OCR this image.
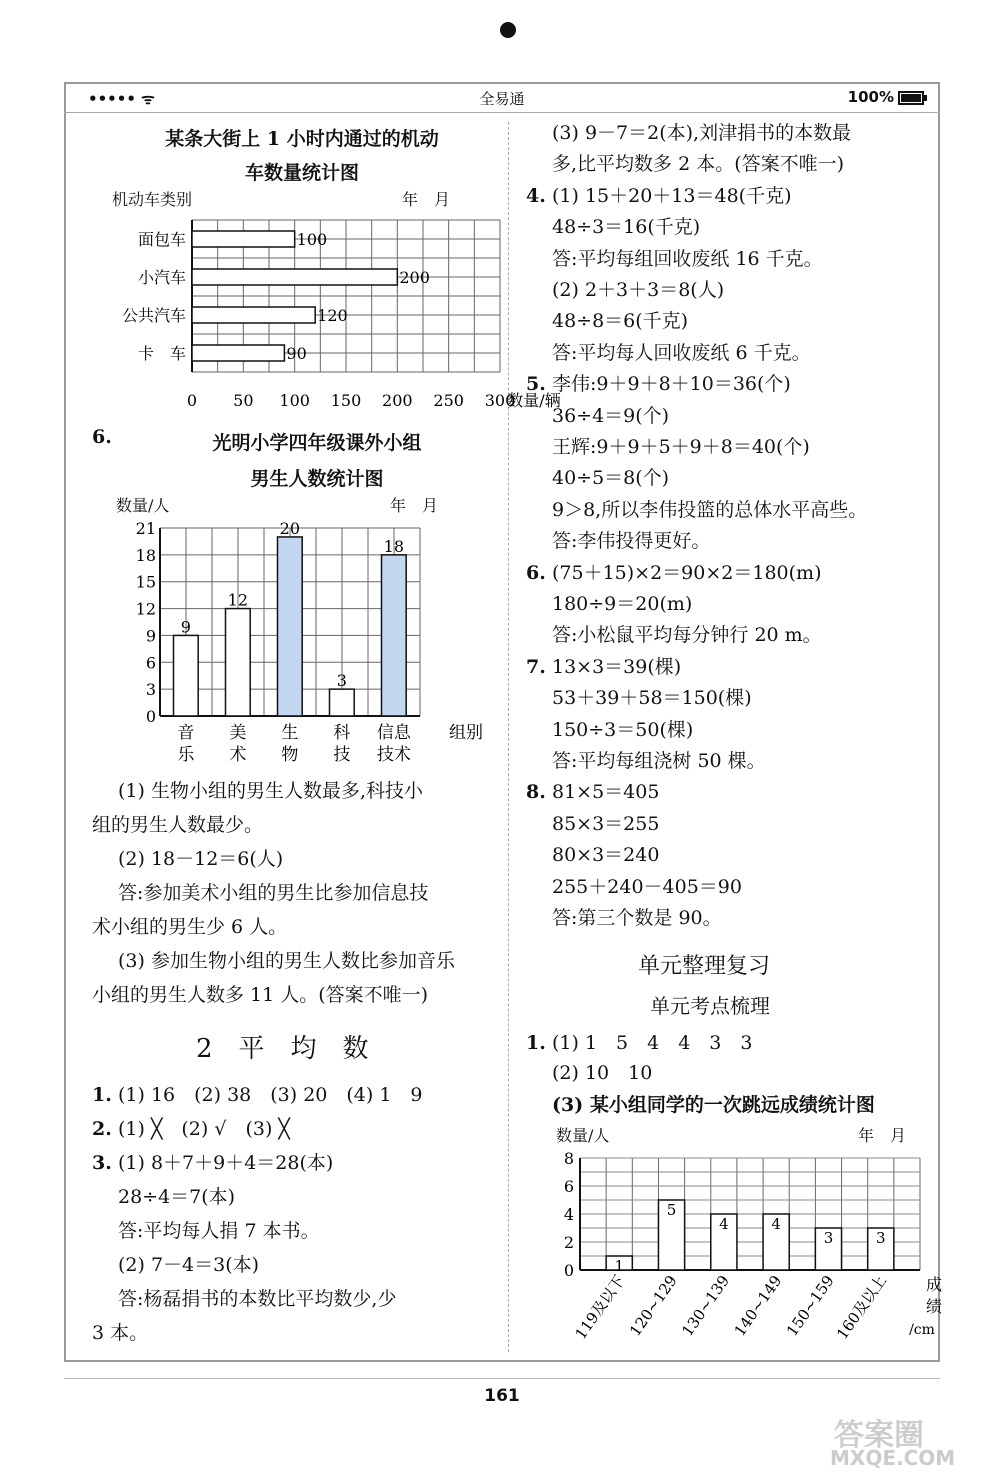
••••• ᯤ	全易通	100%
某条大街上 1 小时内通过的机动
车数量统计图
机动车类别	年　月
面包车	100
小汽车	200
公共汽车	120
卡　车	90
0 50 100 150 200 250 300
数量/辆
6.	光明小学四年级课外小组
男生人数统计图
数量/人	年　月
0
3
6
9
12
15
18
21
9
音
乐
12
美
术
20
生
物
3
科
技
18
信息
技术
组别
(1) 生物小组的男生人数最多,科技小
组的男生人数最少。
(2) 18－12＝6(人)
答:参加美术小组的男生比参加信息技
术小组的男生少 6 人。
(3) 参加生物小组的男生人数比参加音乐
小组的男生人数多 11 人。(答案不唯一)
2　平　均　数
1. (1) 16　(2) 38　(3) 20　(4) 1　9
2. (1) ╳　(2) √　(3) ╳
3. (1) 8＋7＋9＋4＝28(本)
28÷4＝7(本)
答:平均每人捐 7 本书。
(2) 7－4＝3(本)
答:杨磊捐书的本数比平均数少,少
3 本。
(3) 9－7＝2(本),刘津捐书的本数最
多,比平均数多 2 本。(答案不唯一)
4. (1) 15＋20＋13＝48(千克)
48÷3＝16(千克)
答:平均每组回收废纸 16 千克。
(2) 2＋3＋3＝8(人)
48÷8＝6(千克)
答:平均每人回收废纸 6 千克。
5. 李伟:9＋9＋8＋10＝36(个)
36÷4＝9(个)
王辉:9＋9＋5＋9＋8＝40(个)
40÷5＝8(个)
9＞8,所以李伟投篮的总体水平高些。
答:李伟投得更好。
6. (75＋15)×2＝90×2＝180(m)
180÷9＝20(m)
答:小松鼠平均每分钟行 20 m。
7. 13×3＝39(棵)
53＋39＋58＝150(棵)
150÷3＝50(棵)
答:平均每组浇树 50 棵。
8. 81×5＝405
85×3＝255
80×3＝240
255＋240－405＝90
答:第三个数是 90。
单元整理复习
单元考点梳理
1. (1) 1　5　4　4　3　3
(2) 10　10
(3) 某小组同学的一次跳远成绩统计图
数量/人	年　月
0
2
4
6
8
1
119及以下
5
120~129
4
130~139
4
140~149
3
150~159
3
160及以上 成
绩
/cm
161
答案圈
MXQE.COM
